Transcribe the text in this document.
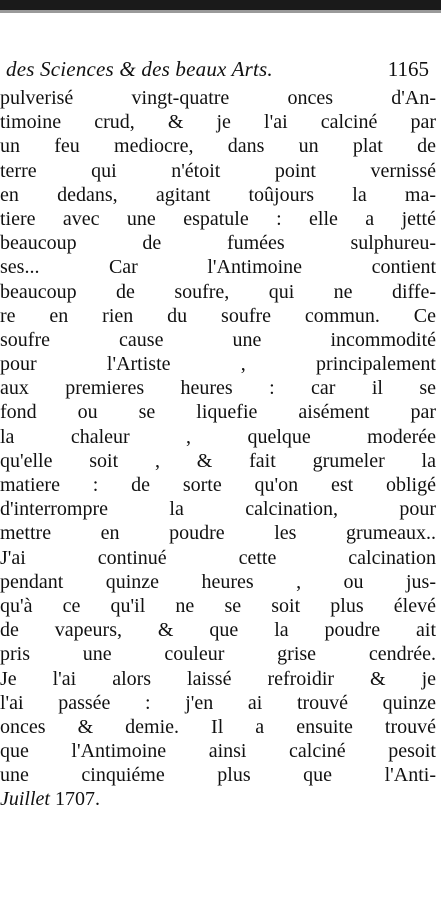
des Sciences & des beaux Arts.	1165
pulverisé vingt-quatre onces d'An-
timoine crud, & je l'ai calciné par
un feu mediocre, dans un plat de
terre qui n'étoit point vernissé
en dedans, agitant toûjours la ma-
tiere avec une espatule : elle a jetté
beaucoup de fumées sulphureu-
ses... Car l'Antimoine contient
beaucoup de soufre, qui ne diffe-
re en rien du soufre commun. Ce
soufre cause une incommodité
pour l'Artiste , principalement
aux premieres heures : car il se
fond ou se liquefie aisément par
la chaleur , quelque moderée
qu'elle soit , & fait grumeler la
matiere : de sorte qu'on est obligé
d'interrompre la calcination, pour
mettre en poudre les grumeaux..
J'ai continué cette calcination
pendant quinze heures , ou jus-
qu'à ce qu'il ne se soit plus élevé
de vapeurs, & que la poudre ait
pris une couleur grise cendrée.
Je l'ai alors laissé refroidir & je
l'ai passée : j'en ai trouvé quinze
onces & demie. Il a ensuite trouvé
que l'Antimoine ainsi calciné pesoit
une cinquiéme plus que l'Anti-
Juillet 1707.
